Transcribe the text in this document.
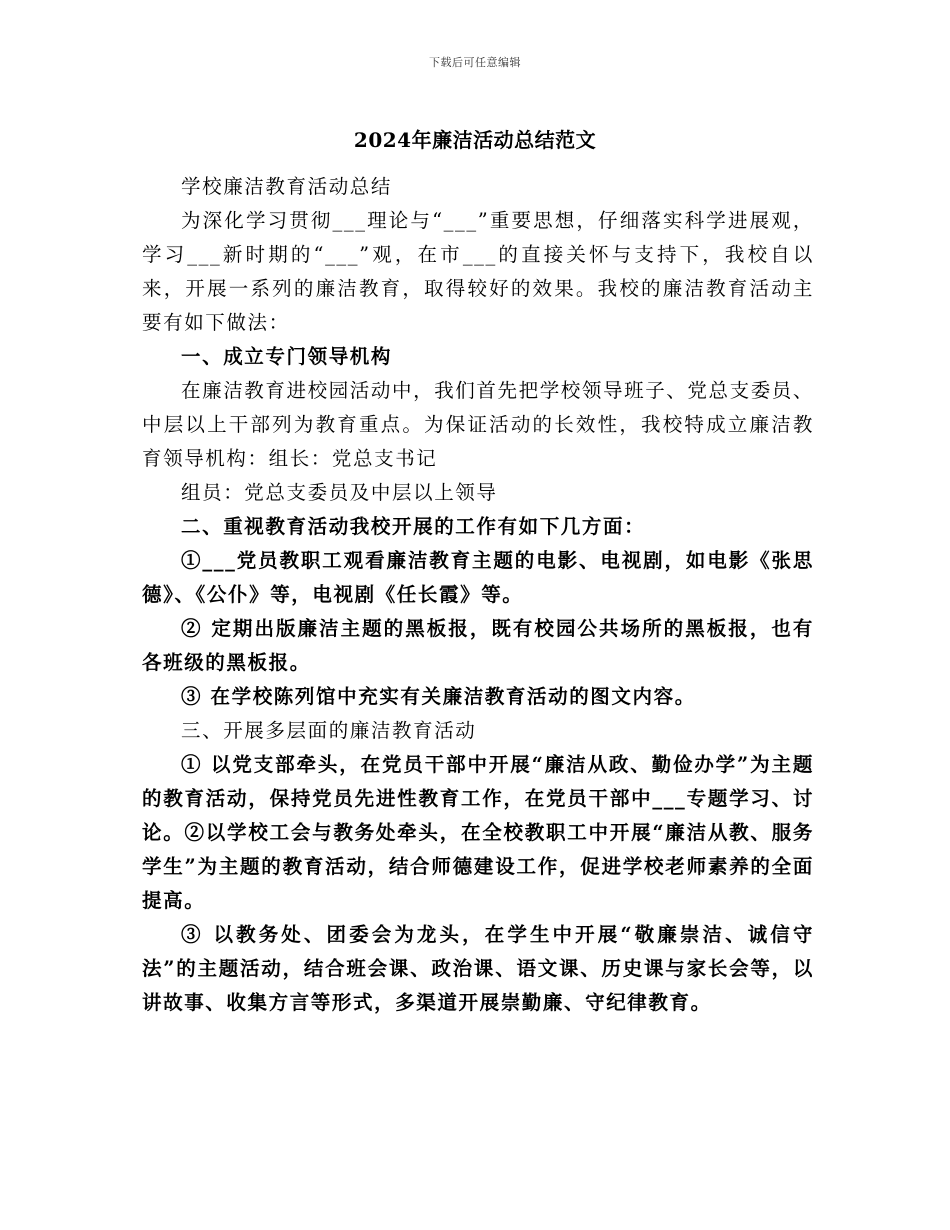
下载后可任意编辑
2024年廉洁活动总结范文

学校廉洁教育活动总结

为深化学习贯彻___理论与“___”重要思想，仔细落实科学进展观，学习___新时期的“___”观，在市___的直接关怀与支持下，我校自以来，开展一系列的廉洁教育，取得较好的效果。我校的廉洁教育活动主要有如下做法：

一、成立专门领导机构

在廉洁教育进校园活动中，我们首先把学校领导班子、党总支委员、中层以上干部列为教育重点。为保证活动的长效性，我校特成立廉洁教育领导机构：组长：党总支书记

组员：党总支委员及中层以上领导

二、重视教育活动我校开展的工作有如下几方面：

①___党员教职工观看廉洁教育主题的电影、电视剧，如电影《张思德》、《公仆》等，电视剧《任长霞》等。

② 定期出版廉洁主题的黑板报，既有校园公共场所的黑板报，也有各班级的黑板报。

③ 在学校陈列馆中充实有关廉洁教育活动的图文内容。

三、开展多层面的廉洁教育活动

① 以党支部牵头，在党员干部中开展“廉洁从政、勤俭办学”为主题的教育活动，保持党员先进性教育工作，在党员干部中___专题学习、讨论。②以学校工会与教务处牵头，在全校教职工中开展“廉洁从教、服务学生”为主题的教育活动，结合师德建设工作，促进学校老师素养的全面提高。

③ 以教务处、团委会为龙头，在学生中开展“敬廉崇洁、诚信守法”的主题活动，结合班会课、政治课、语文课、历史课与家长会等，以讲故事、收集方言等形式，多渠道开展崇勤廉、守纪律教育。
